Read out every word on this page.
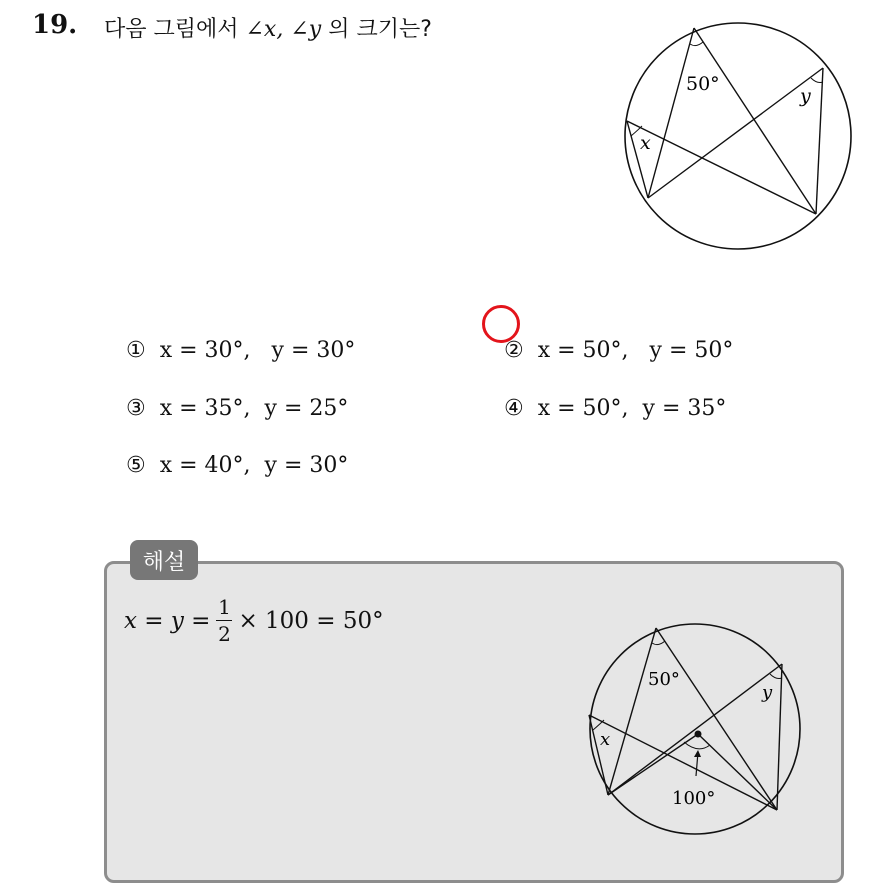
19. 다음 그림에서 ∠x, ∠y 의 크기는?
50°
x
y

① x = 30°,   y = 30°	② x = 50°,   y = 50°

③ x = 35°,  y = 25°	④ x = 50°,  y = 35°

⑤ x = 40°,  y = 30°

해설
$x = y = \frac{1}{2} \times 100 = 50^\circ$
50°
x
y
100°
